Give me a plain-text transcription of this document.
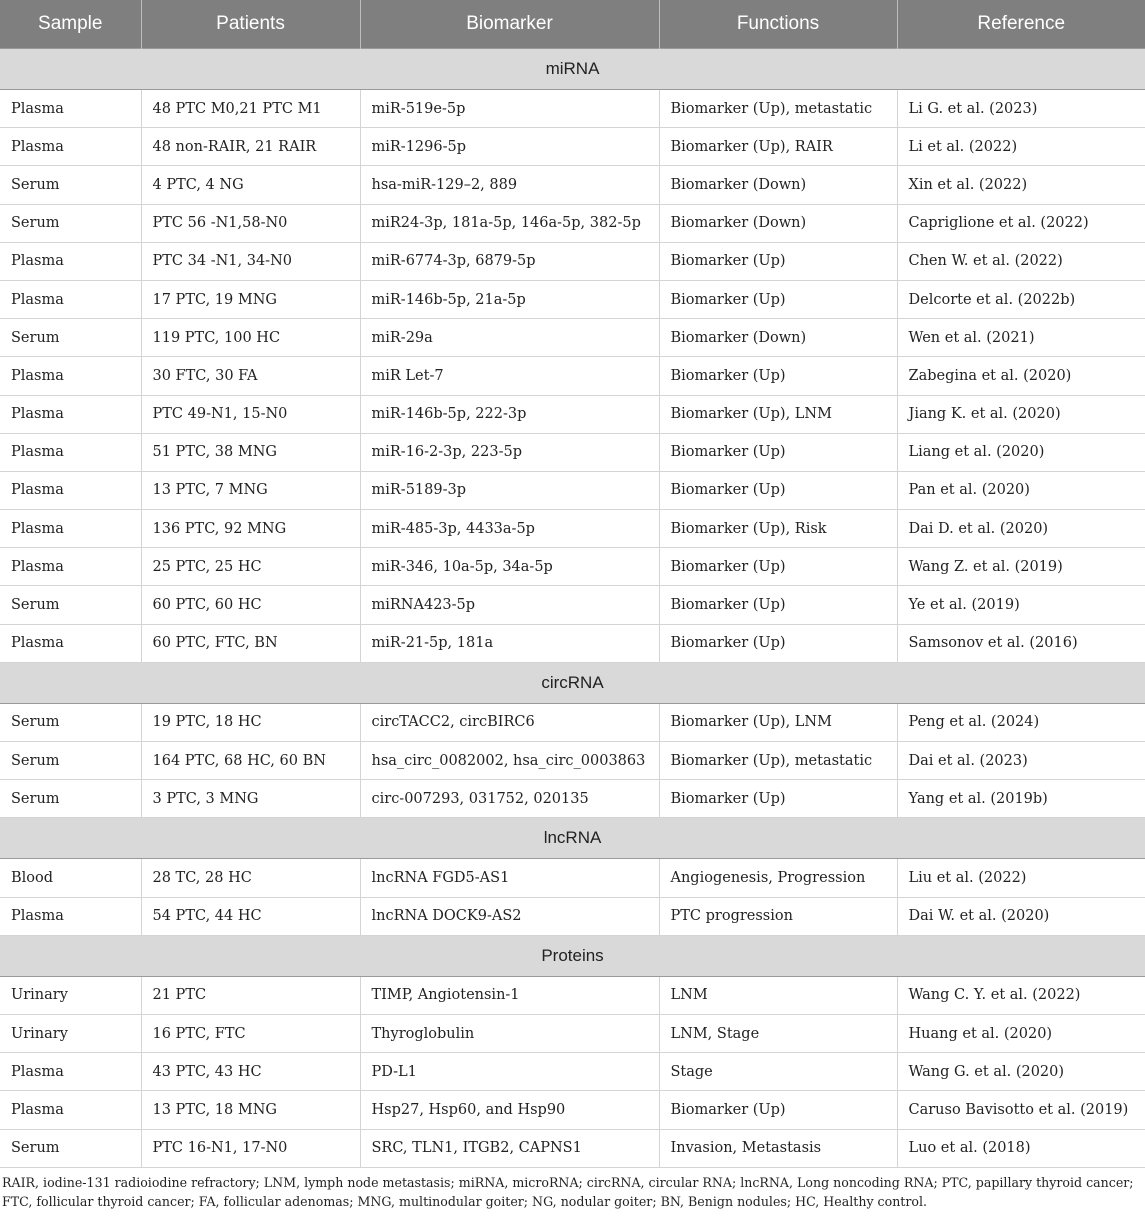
Sample	Patients	Biomarker	Functions	Reference
miRNA				
Plasma	48 PTC M0,21 PTC M1	miR-519e-5p	Biomarker (Up), metastatic	Li G. et al. (2023)
Plasma	48 non-RAIR, 21 RAIR	miR-1296-5p	Biomarker (Up), RAIR	Li et al. (2022)
Serum	4 PTC, 4 NG	hsa-miR-129–2, 889	Biomarker (Down)	Xin et al. (2022)
Serum	PTC 56 -N1,58-N0	miR24-3p, 181a-5p, 146a-5p, 382-5p	Biomarker (Down)	Capriglione et al. (2022)
Plasma	PTC 34 -N1, 34-N0	miR-6774-3p, 6879-5p	Biomarker (Up)	Chen W. et al. (2022)
Plasma	17 PTC, 19 MNG	miR-146b-5p, 21a-5p	Biomarker (Up)	Delcorte et al. (2022b)
Serum	119 PTC, 100 HC	miR-29a	Biomarker (Down)	Wen et al. (2021)
Plasma	30 FTC, 30 FA	miR Let-7	Biomarker (Up)	Zabegina et al. (2020)
Plasma	PTC 49-N1, 15-N0	miR-146b-5p, 222-3p	Biomarker (Up), LNM	Jiang K. et al. (2020)
Plasma	51 PTC, 38 MNG	miR-16-2-3p, 223-5p	Biomarker (Up)	Liang et al. (2020)
Plasma	13 PTC, 7 MNG	miR-5189-3p	Biomarker (Up)	Pan et al. (2020)
Plasma	136 PTC, 92 MNG	miR-485-3p, 4433a-5p	Biomarker (Up), Risk	Dai D. et al. (2020)
Plasma	25 PTC, 25 HC	miR-346, 10a-5p, 34a-5p	Biomarker (Up)	Wang Z. et al. (2019)
Serum	60 PTC, 60 HC	miRNA423-5p	Biomarker (Up)	Ye et al. (2019)
Plasma	60 PTC, FTC, BN	miR-21-5p, 181a	Biomarker (Up)	Samsonov et al. (2016)
circRNA				
Serum	19 PTC, 18 HC	circTACC2, circBIRC6	Biomarker (Up), LNM	Peng et al. (2024)
Serum	164 PTC, 68 HC, 60 BN	hsa_circ_0082002, hsa_circ_0003863	Biomarker (Up), metastatic	Dai et al. (2023)
Serum	3 PTC, 3 MNG	circ-007293, 031752, 020135	Biomarker (Up)	Yang et al. (2019b)
lncRNA				
Blood	28 TC, 28 HC	lncRNA FGD5-AS1	Angiogenesis, Progression	Liu et al. (2022)
Plasma	54 PTC, 44 HC	lncRNA DOCK9-AS2	PTC progression	Dai W. et al. (2020)
Proteins				
Urinary	21 PTC	TIMP, Angiotensin-1	LNM	Wang C. Y. et al. (2022)
Urinary	16 PTC, FTC	Thyroglobulin	LNM, Stage	Huang et al. (2020)
Plasma	43 PTC, 43 HC	PD-L1	Stage	Wang G. et al. (2020)
Plasma	13 PTC, 18 MNG	Hsp27, Hsp60, and Hsp90	Biomarker (Up)	Caruso Bavisotto et al. (2019)
Serum	PTC 16-N1, 17-N0	SRC, TLN1, ITGB2, CAPNS1	Invasion, Metastasis	Luo et al. (2018)
RAIR, iodine-131 radioiodine refractory; LNM, lymph node metastasis; miRNA, microRNA; circRNA, circular RNA; lncRNA, Long noncoding RNA; PTC, papillary thyroid cancer; FTC, follicular thyroid cancer; FA, follicular adenomas; MNG, multinodular goiter; NG, nodular goiter; BN, Benign nodules; HC, Healthy control.
